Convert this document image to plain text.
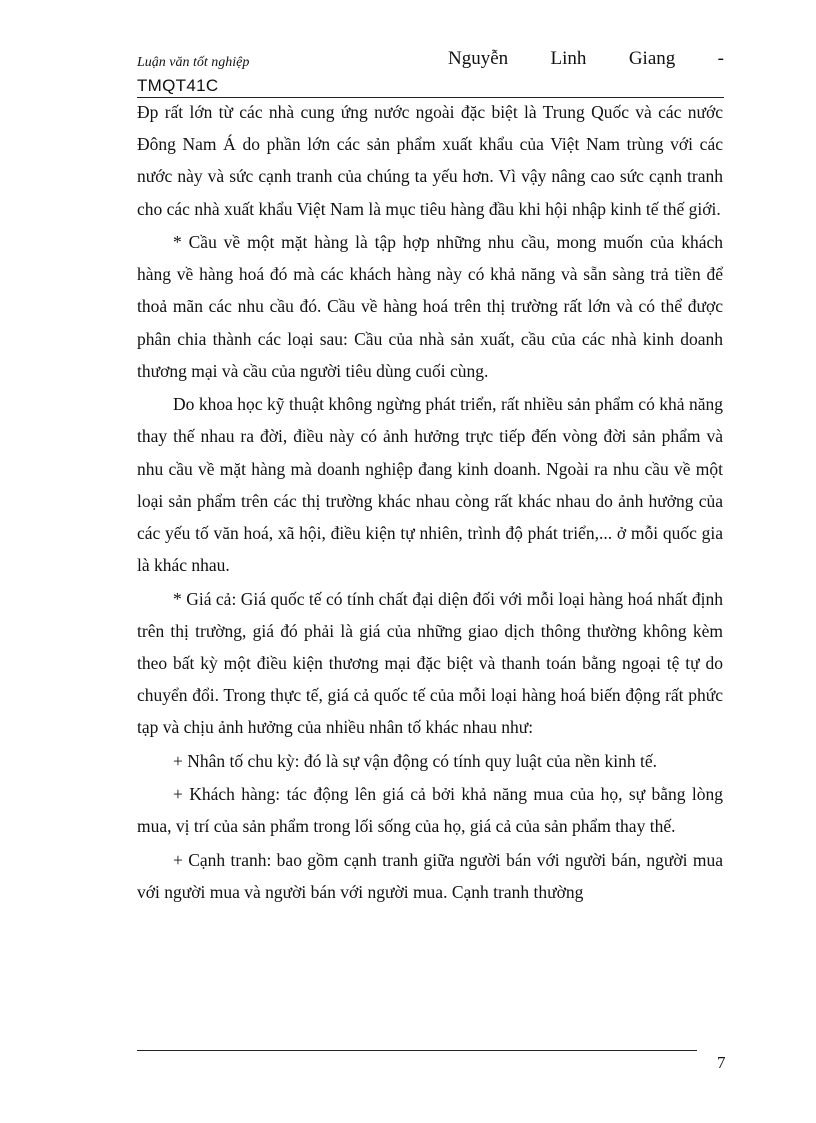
Luận văn tốt nghiệp	Nguyễn Linh Giang -
TMQT41C

Đp rất lớn từ các nhà cung ứng nước ngoài đặc biệt là Trung Quốc và các nước Đông Nam Á do phần lớn các sản phẩm xuất khẩu của Việt Nam trùng với các nước này và sức cạnh tranh của chúng ta yếu hơn. Vì vậy nâng cao sức cạnh tranh cho các nhà xuất khẩu Việt Nam là mục tiêu hàng đầu khi hội nhập kinh tế thế giới.

* Cầu về một mặt hàng là tập hợp những nhu cầu, mong muốn của khách hàng về hàng hoá đó mà các khách hàng này có khả năng và sẵn sàng trả tiền để thoả mãn các nhu cầu đó. Cầu về hàng hoá trên thị trường rất lớn và có thể được phân chia thành các loại sau: Cầu của nhà sản xuất, cầu của các nhà kinh doanh thương mại và cầu của người tiêu dùng cuối cùng.

Do khoa học kỹ thuật không ngừng phát triển, rất nhiều sản phẩm có khả năng thay thế nhau ra đời, điều này có ảnh hưởng trực tiếp đến vòng đời sản phẩm và nhu cầu về mặt hàng mà doanh nghiệp đang kinh doanh. Ngoài ra nhu cầu về một loại sản phẩm trên các thị trường khác nhau còng rất khác nhau do ảnh hưởng của các yếu tố văn hoá, xã hội, điều kiện tự nhiên, trình độ phát triển,... ở mỗi quốc gia là khác nhau.

* Giá cả: Giá quốc tế có tính chất đại diện đối với mỗi loại hàng hoá nhất định trên thị trường, giá đó phải là giá của những giao dịch thông thường không kèm theo bất kỳ một điều kiện thương mại đặc biệt và thanh toán bằng ngoại tệ tự do chuyển đổi. Trong thực tế, giá cả quốc tế của mỗi loại hàng hoá biến động rất phức tạp và chịu ảnh hưởng của nhiều nhân tố khác nhau như:

+ Nhân tố chu kỳ: đó là sự vận động có tính quy luật của nền kinh tế.

+ Khách hàng: tác động lên giá cả bởi khả năng mua của họ, sự bằng lòng mua, vị trí của sản phẩm trong lối sống của họ, giá cả của sản phẩm thay thế.

+ Cạnh tranh: bao gồm cạnh tranh giữa người bán với người bán, người mua với người mua và người bán với người mua. Cạnh tranh thường

7
